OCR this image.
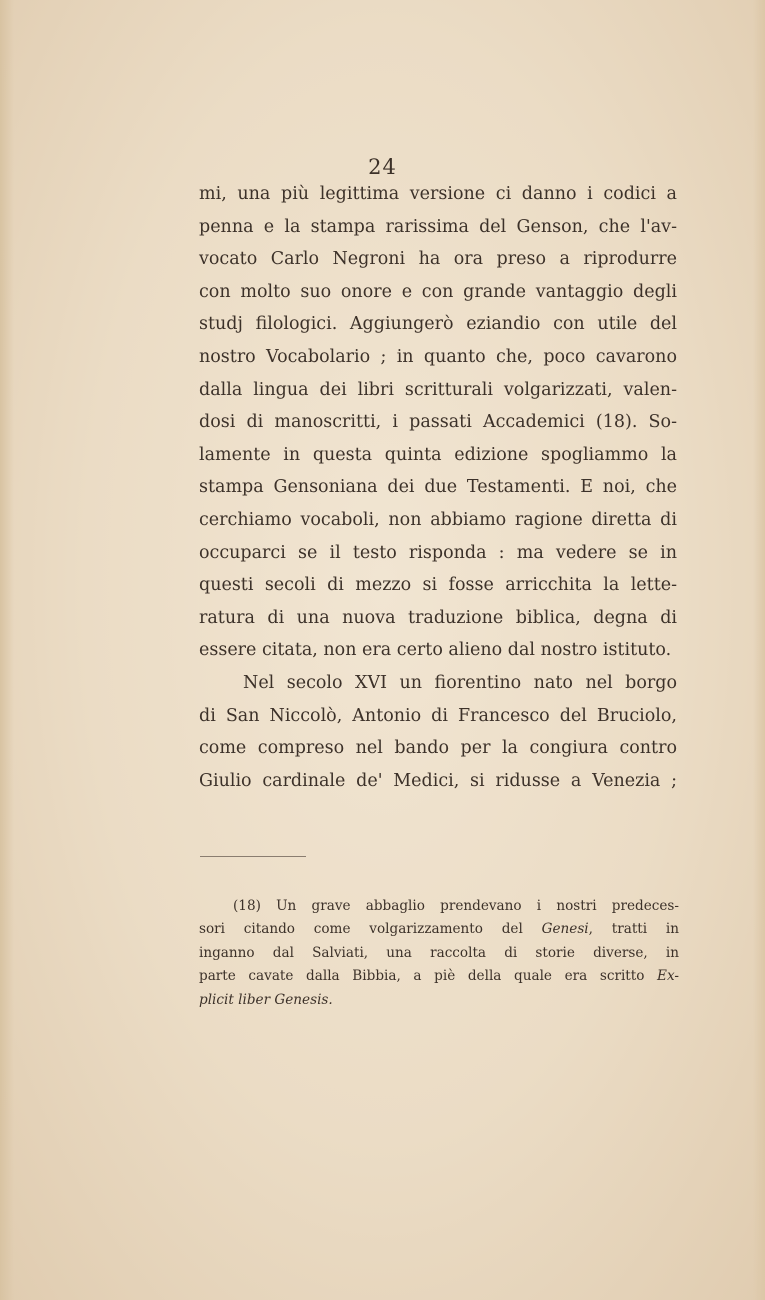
24
mi, una più legittima versione ci danno i codici a
penna e la stampa rarissima del Genson, che l'av-
vocato Carlo Negroni ha ora preso a riprodurre
con molto suo onore e con grande vantaggio degli
studj filologici. Aggiungerò eziandio con utile del
nostro Vocabolario ; in quanto che, poco cavarono
dalla lingua dei libri scritturali volgarizzati, valen-
dosi di manoscritti, i passati Accademici (18). So-
lamente in questa quinta edizione spogliammo la
stampa Gensoniana dei due Testamenti. E noi, che
cerchiamo vocaboli, non abbiamo ragione diretta di
occuparci se il testo risponda : ma vedere se in
questi secoli di mezzo si fosse arricchita la lette-
ratura di una nuova traduzione biblica, degna di
essere citata, non era certo alieno dal nostro istituto.
Nel secolo XVI un fiorentino nato nel borgo
di San Niccolò, Antonio di Francesco del Bruciolo,
come compreso nel bando per la congiura contro
Giulio cardinale de' Medici, si ridusse a Venezia ;
(18) Un grave abbaglio prendevano i nostri predeces-
sori citando come volgarizzamento del Genesi, tratti in
inganno dal Salviati, una raccolta di storie diverse, in
parte cavate dalla Bibbia, a piè della quale era scritto Ex-
plicit liber Genesis.
